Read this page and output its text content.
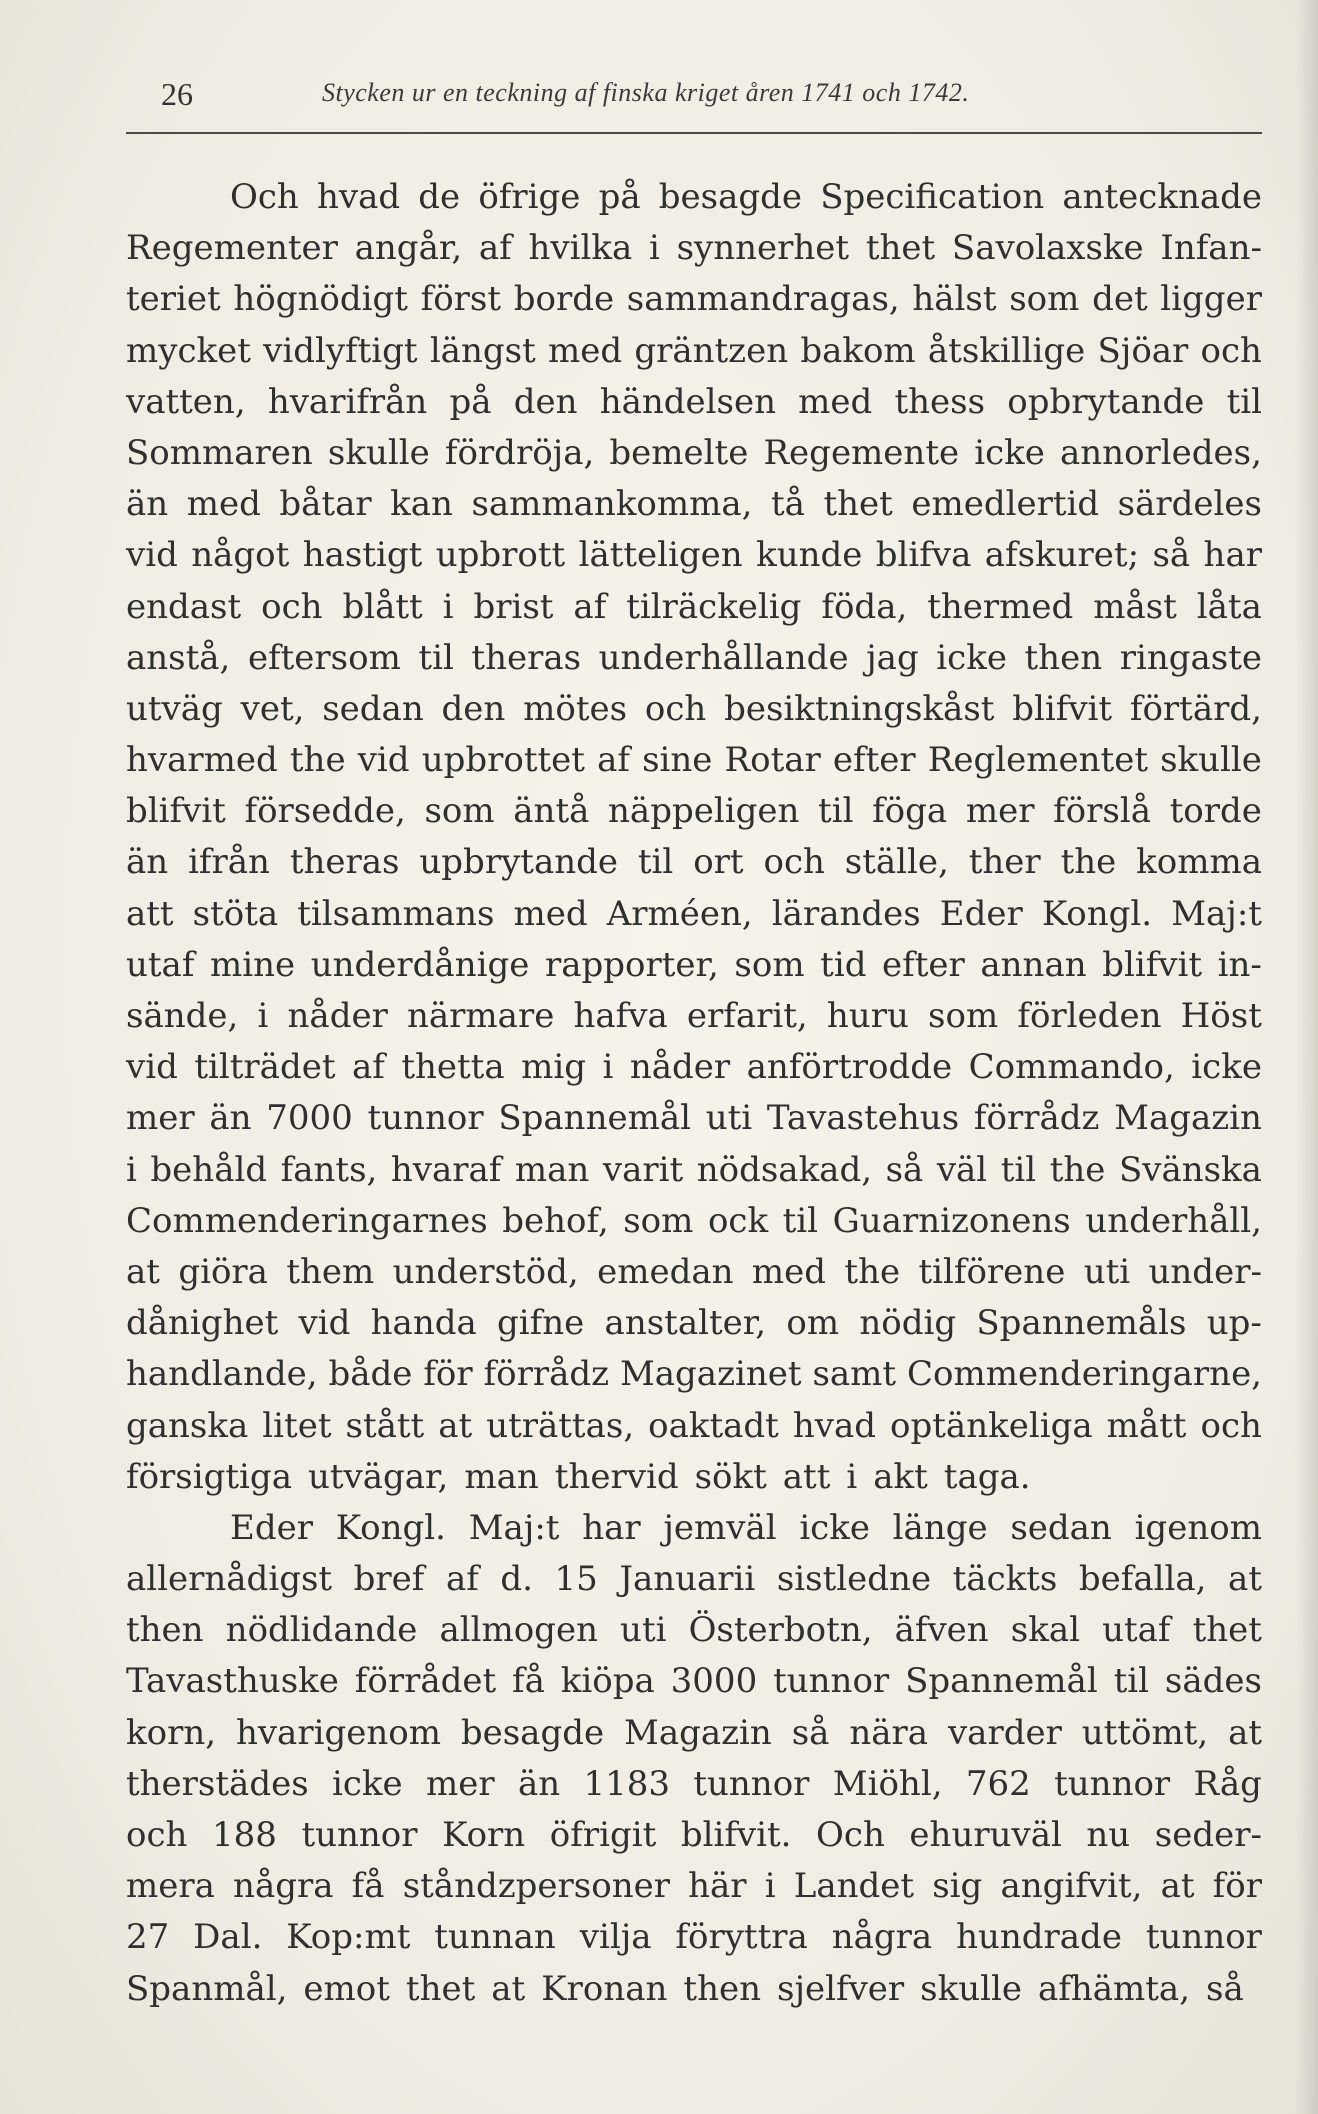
26	Stycken ur en teckning af finska kriget åren 1741 och 1742.
Och hvad de öfrige på besagde Specification antecknade
Regementer angår, af hvilka i synnerhet thet Savolaxske Infan-
teriet högnödigt först borde sammandragas, hälst som det ligger
mycket vidlyftigt längst med gräntzen bakom åtskillige Sjöar och
vatten, hvarifrån på den händelsen med thess opbrytande til
Sommaren skulle fördröja, bemelte Regemente icke annorledes,
än med båtar kan sammankomma, tå thet emedlertid särdeles
vid något hastigt upbrott lätteligen kunde blifva afskuret; så har
endast och blått i brist af tilräckelig föda, thermed måst låta
anstå, eftersom til theras underhållande jag icke then ringaste
utväg vet, sedan den mötes och besiktningskåst blifvit förtärd,
hvarmed the vid upbrottet af sine Rotar efter Reglementet skulle
blifvit försedde, som äntå näppeligen til föga mer förslå torde
än ifrån theras upbrytande til ort och ställe, ther the komma
att stöta tilsammans med Arméen, lärandes Eder Kongl. Maj:t
utaf mine underdånige rapporter, som tid efter annan blifvit in-
sände, i nåder närmare hafva erfarit, huru som förleden Höst
vid tilträdet af thetta mig i nåder anförtrodde Commando, icke
mer än 7000 tunnor Spannemål uti Tavastehus förrådz Magazin
i behåld fants, hvaraf man varit nödsakad, så väl til the Svänska
Commenderingarnes behof, som ock til Guarnizonens underhåll,
at giöra them understöd, emedan med the tilförene uti under-
dånighet vid handa gifne anstalter, om nödig Spannemåls up-
handlande, både för förrådz Magazinet samt Commenderingarne,
ganska litet stått at uträttas, oaktadt hvad optänkeliga mått och
försigtiga utvägar, man thervid sökt att i akt taga.
Eder Kongl. Maj:t har jemväl icke länge sedan igenom
allernådigst bref af d. 15 Januarii sistledne täckts befalla, at
then nödlidande allmogen uti Österbotn, äfven skal utaf thet
Tavasthuske förrådet få kiöpa 3000 tunnor Spannemål til sädes
korn, hvarigenom besagde Magazin så nära varder uttömt, at
therstädes icke mer än 1183 tunnor Miöhl, 762 tunnor Råg
och 188 tunnor Korn öfrigit blifvit. Och ehuruväl nu seder-
mera några få ståndzpersoner här i Landet sig angifvit, at för
27 Dal. Kop:mt tunnan vilja föryttra några hundrade tunnor
Spanmål, emot thet at Kronan then sjelfver skulle afhämta, så
